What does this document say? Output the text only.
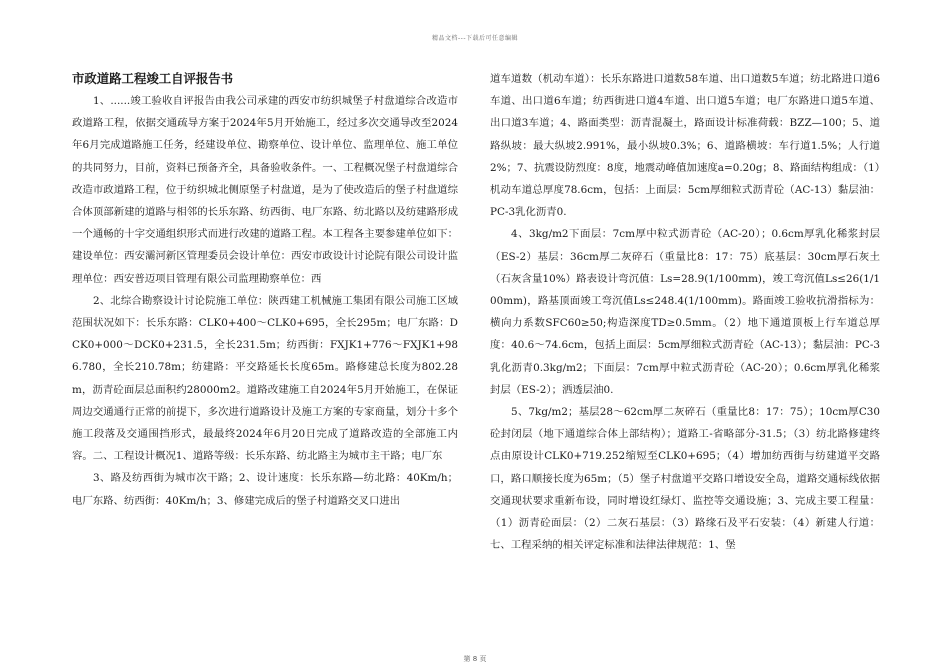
精品文档---下载后可任意编辑
市政道路工程竣工自评报告书

1、......竣工验收自评报告由我公司承建的西安市纺织城堡子村盘道综合改造市政道路工程，依据交通疏导方案于2024年5月开始施工，经过多次交通导改至2024年6月完成道路施工任务，经建设单位、勘察单位、设计单位、监理单位、施工单位的共同努力，目前，资料已预备齐全，具备验收条件。一、工程概况堡子村盘道综合改造市政道路工程，位于纺织城北侧原堡子村盘道，是为了使改造后的堡子村盘道综合体顶部新建的道路与相邻的长乐东路、纺西街、电厂东路、纺北路以及纺建路形成一个通畅的十字交通组织形式而进行改建的道路工程。本工程各主要参建单位如下：建设单位：西安灞河新区管理委员会设计单位：西安市政设计讨论院有限公司设计监理单位：西安普迈项目管理有限公司监理勘察单位：西

2、北综合勘察设计讨论院施工单位：陕西建工机械施工集团有限公司施工区域范围状况如下：长乐东路：CLK0+400～CLK0+695，全长295m；电厂东路：DCK0+000～DCK0+231.5，全长231.5m；纺西街：FXJK1+776～FXJK1+986.780，全长210.78m；纺建路：平交路延长长度65m。路修建总长度为802.28m，沥青砼面层总面积约28000m2。道路改建施工自2024年5月开始施工，在保证周边交通通行正常的前提下，多次进行道路设计及施工方案的专家商量，划分十多个施工段落及交通围挡形式，最最终2024年6月20日完成了道路改造的全部施工内容。二、工程设计概况1、道路等级：长乐东路、纺北路主为城市主干路；电厂东

3、路及纺西街为城市次干路；2、设计速度：长乐东路—纺北路：40Km/h；电厂东路、纺西街：40Km/h；3、修建完成后的堡子村道路交叉口进出

道车道数（机动车道）：长乐东路进口道数58车道、出口道数5车道；纺北路进口道6车道、出口道6车道；纺西街进口道4车道、出口道5车道；电厂东路进口道5车道、出口道3车道；4、路面类型：沥青混凝土，路面设计标准荷载：BZZ—100；5、道路纵坡：最大纵坡2.991%，最小纵坡0.3%；6、道路横坡：车行道1.5%；人行道2%；7、抗震设防烈度：8度，地震动峰值加速度a=0.20g；8、路面结构组成：（1）机动车道总厚度78.6cm，包括：上面层：5cm厚细粒式沥青砼（AC-13）黏层油：PC-3乳化沥青0.

4、3kg/m2下面层：7cm厚中粒式沥青砼（AC-20）；0.6cm厚乳化稀浆封层（ES-2）基层：36cm厚二灰碎石（重量比8：17：75）底基层：30cm厚石灰土（石灰含量10%）路表设计弯沉值：Ls=28.9(1/100mm)，竣工弯沉值Ls≤26(1/100mm)，路基顶面竣工弯沉值Ls≤248.4(1/100mm)。路面竣工验收抗滑指标为：横向力系数SFC60≥50;构造深度TD≥0.5mm。（2）地下通道顶板上行车道总厚度：40.6～74.6cm，包括上面层：5cm厚细粒式沥青砼（AC-13）；黏层油：PC-3乳化沥青0.3kg/m2；下面层：7cm厚中粒式沥青砼（AC-20）；0.6cm厚乳化稀浆封层（ES-2）；洒透层油0.

5、7kg/m2；基层28～62cm厚二灰碎石（重量比8：17：75）；10cm厚C30砼封闭层（地下通道综合体上部结构）；道路工-省略部分-31.5；（3）纺北路修建终点由原设计CLK0+719.252缩短至CLK0+695；（4）增加纺西街与纺建道平交路口，路口顺接长度为65m；（5）堡子村盘道平交路口增设安全岛，道路交通标线依据交通现状要求重新布设，同时增设红绿灯、监控等交通设施；3、完成主要工程量：（1）沥青砼面层：（2）二灰石基层：（3）路缘石及平石安装：（4）新建人行道：七、工程采纳的相关评定标准和法律法律规范：1、堡

第 8 页
